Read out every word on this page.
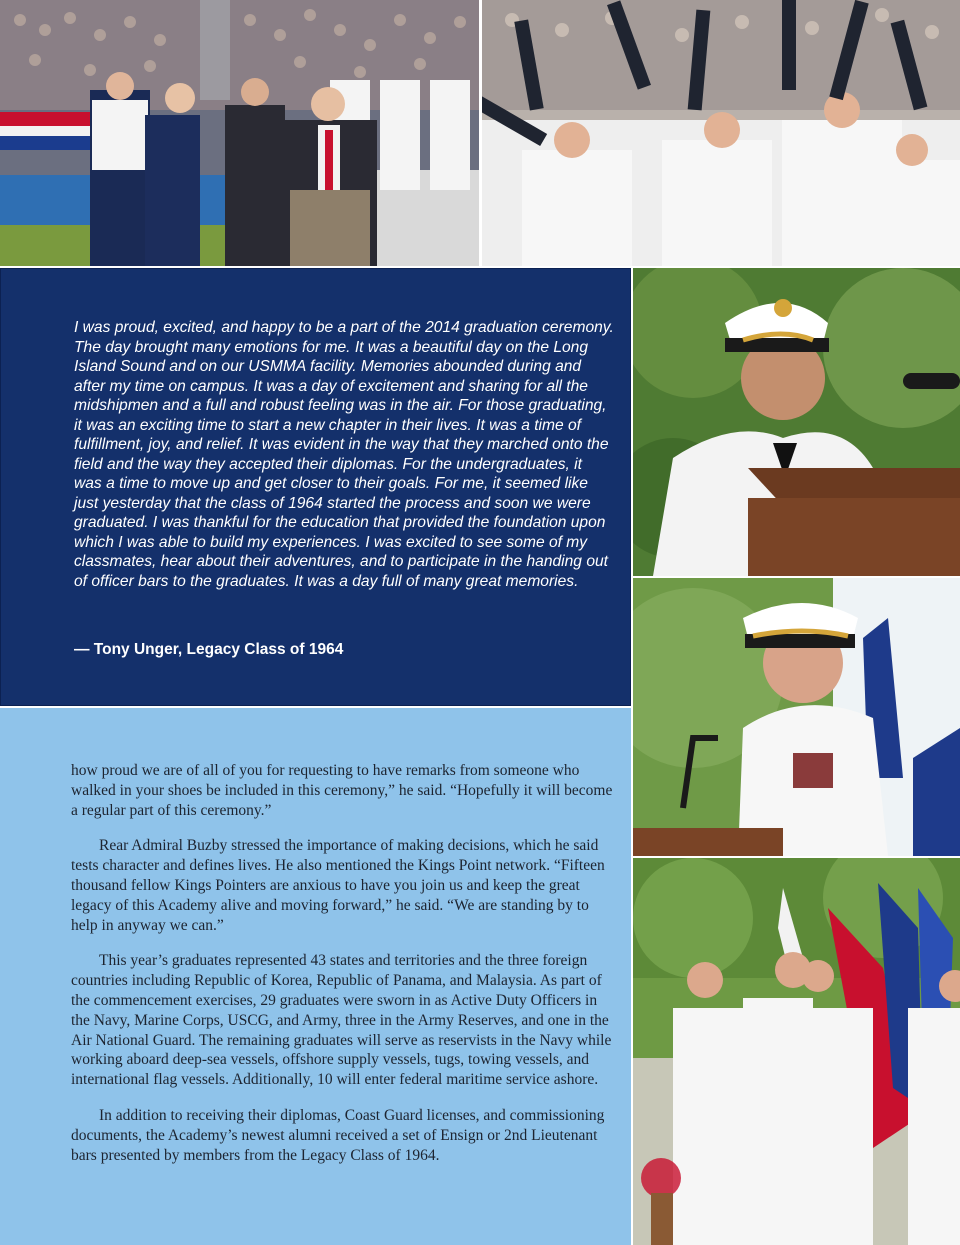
I was proud, excited, and happy to be a part of the 2014 graduation ceremony. The day brought many emotions for me. It was a beautiful day on the Long Island Sound and on our USMMA facility. Memories abounded during and after my time on campus. It was a day of excitement and sharing for all the midshipmen and a full and robust feeling was in the air. For those graduating, it was an exciting time to start a new chapter in their lives. It was a time of fulfillment, joy, and relief. It was evident in the way that they marched onto the field and the way they accepted their diplomas. For the undergraduates, it was a time to move up and get closer to their goals. For me, it seemed like just yesterday that the class of 1964 started the process and soon we were graduated. I was thankful for the education that provided the foundation upon which I was able to build my experiences. I was excited to see some of my classmates, hear about their adventures, and to participate in the handing out of officer bars to the graduates. It was a day full of many great memories.

— Tony Unger, Legacy Class of 1964

how proud we are of all of you for requesting to have remarks from someone who walked in your shoes be included in this ceremony,” he said. “Hopefully it will become a regular part of this ceremony.”

Rear Admiral Buzby stressed the importance of making decisions, which he said tests character and defines lives. He also mentioned the Kings Point network. “Fifteen thousand fellow Kings Pointers are anxious to have you join us and keep the great legacy of this Academy alive and moving forward,” he said. “We are standing by to help in anyway we can.”

This year’s graduates represented 43 states and territories and the three foreign countries including Republic of Korea, Republic of Panama, and Malaysia. As part of the commencement exercises, 29 graduates were sworn in as Active Duty Officers in the Navy, Marine Corps, USCG, and Army, three in the Army Reserves, and one in the Air National Guard. The remaining graduates will serve as reservists in the Navy while working aboard deep-sea vessels, offshore supply vessels, tugs, towing vessels, and international flag vessels. Additionally, 10 will enter federal maritime service ashore.

In addition to receiving their diplomas, Coast Guard licenses, and commissioning documents, the Academy’s newest alumni received a set of Ensign or 2nd Lieutenant bars presented by members from the Legacy Class of 1964.
